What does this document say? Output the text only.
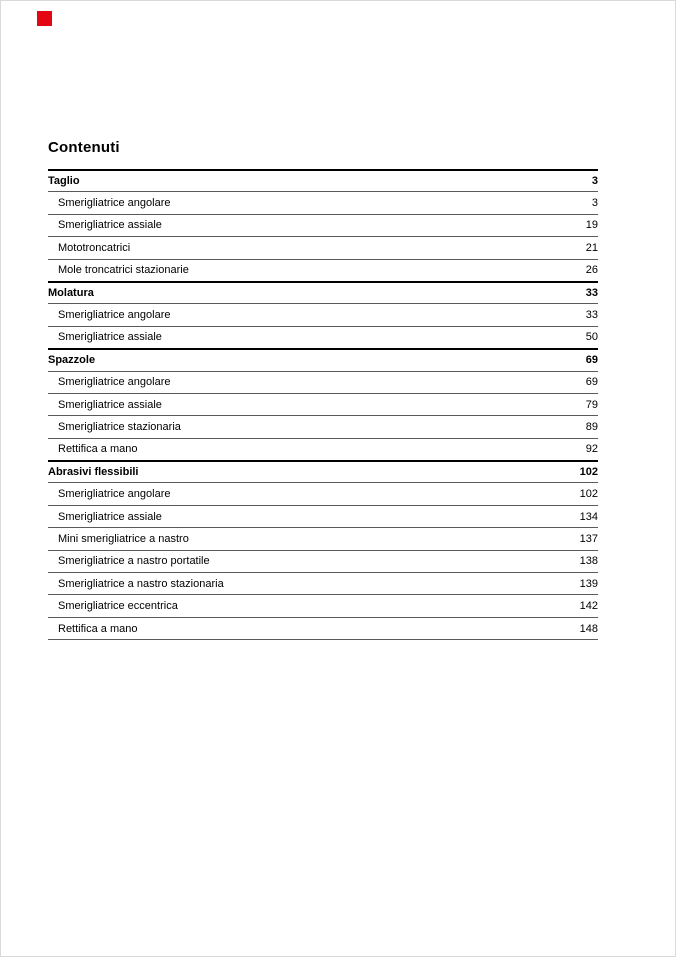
Contenuti
Taglio	3
Smerigliatrice angolare	3
Smerigliatrice assiale	19
Mototroncatrici	21
Mole troncatrici stazionarie	26
Molatura	33
Smerigliatrice angolare	33
Smerigliatrice assiale	50
Spazzole	69
Smerigliatrice angolare	69
Smerigliatrice assiale	79
Smerigliatrice stazionaria	89
Rettifica a mano	92
Abrasivi flessibili	102
Smerigliatrice angolare	102
Smerigliatrice assiale	134
Mini smerigliatrice a nastro	137
Smerigliatrice a nastro portatile	138
Smerigliatrice a nastro stazionaria	139
Smerigliatrice eccentrica	142
Rettifica a mano	148
